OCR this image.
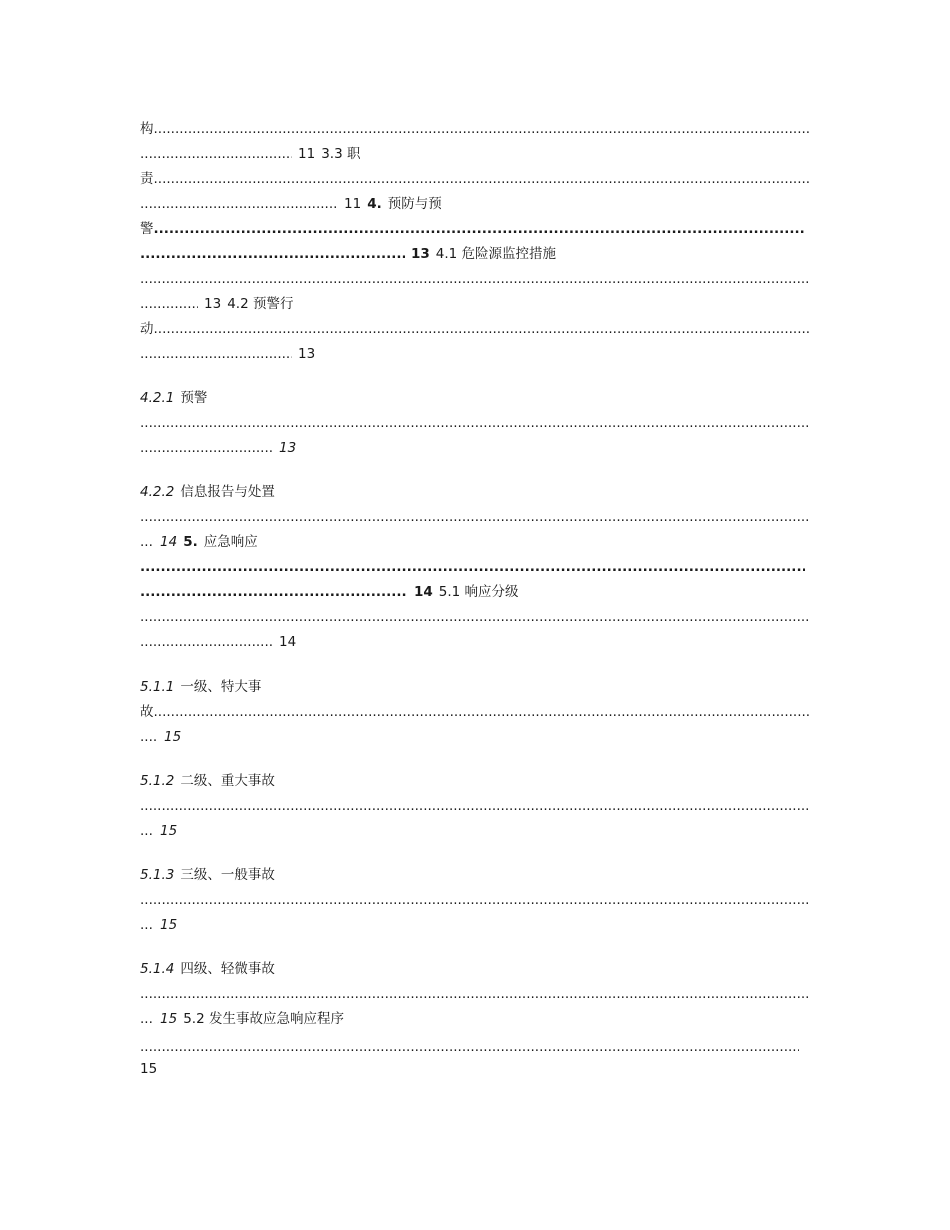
构.....
.....11 3.3 职
责.....
.....11 4. 预防与预
警.....
.....13 4.1 危险源监控措施
.....
.....13 4.2 预警行
动.....
.....13
4.2.1 预警
.....
.....13
4.2.2 信息报告与处置
.....
.....14 5. 应急响应
.....
.....14 5.1 响应分级
.....
.....14
5.1.1 一级、特大事
故.....
.....15
5.1.2 二级、重大事故
.....
.....15
5.1.3 三级、一般事故
.....
.....15
5.1.4 四级、轻微事故
.....
.....15 5.2 发生事故应急响应程序
.....
15
